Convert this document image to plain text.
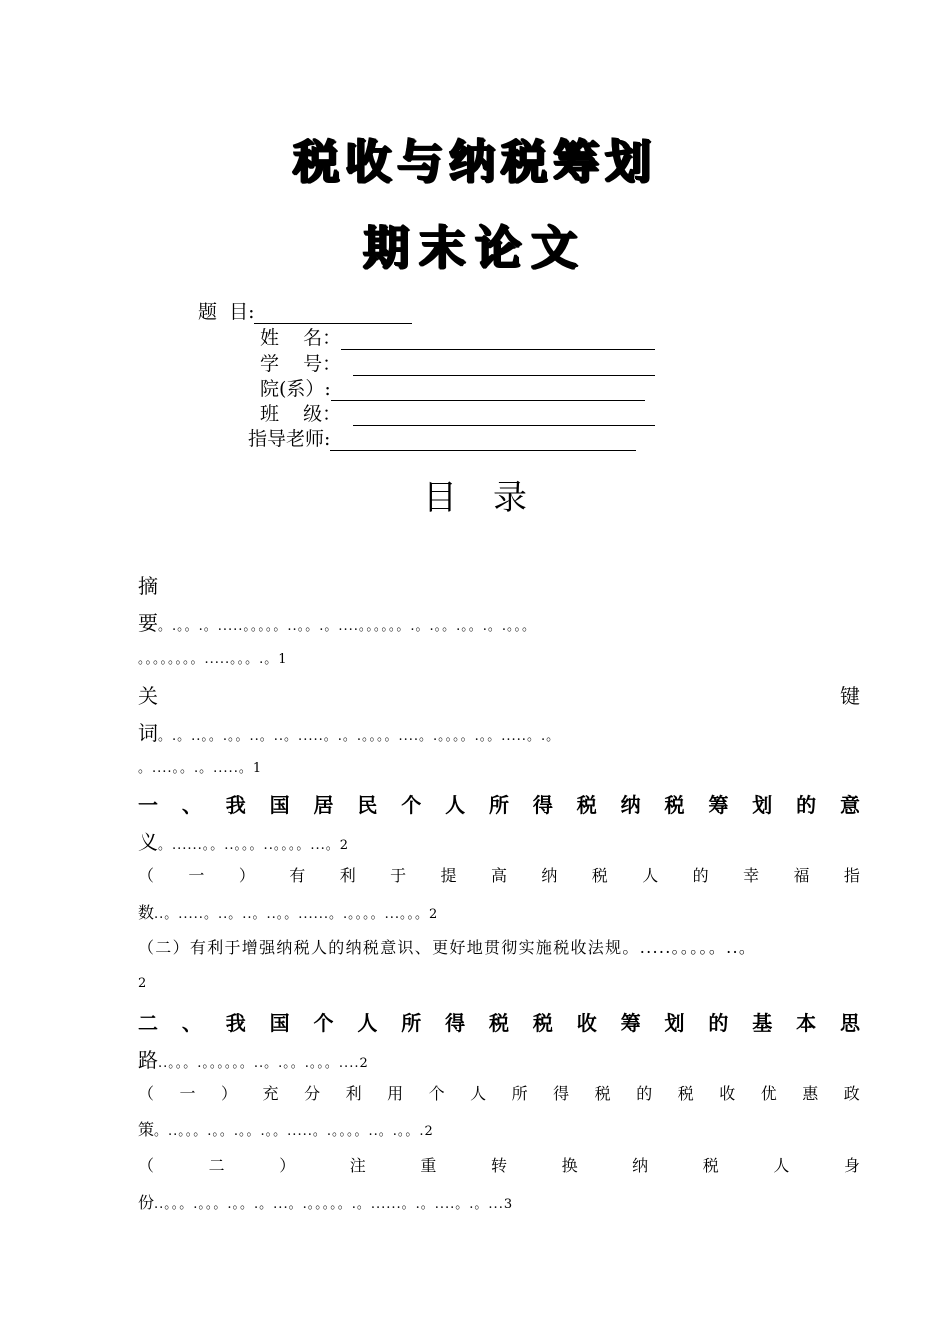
税收与纳税筹划
期末论文
题  目:
姓    名：
学    号：
院(系）:
班    级：
指导老师:
目录
摘
要。.。。.。.....。。。。。..。。.。....。。。。。。.。.。。.。。.。.。。。
。。。。。。。。.....。。。.。1
关	键
词。.。..。。.。。..。..。.....。.。.。。。。....。.。。。。.。。.....。.。
。....。。.。.....。1
一 、 我 国 居 民 个 人 所 得 税 纳 税 筹 划 的 意
义。......。。..。。。..。。。。...。2
（ 一 ） 有 利 于 提 高 纳 税 人 的 幸 福 指
数..。.....。..。..。..。。......。.。。。。...。。。2
（二）有利于增强纳税人的纳税意识、更好地贯彻实施税收法规。.....。。。。。..。
2
二 、 我 国 个 人 所 得 税 税 收 筹 划 的 基 本 思
路..。。。.。。。。。。..。.。。.。。。....2
（ 一 ） 充 分 利 用 个 人 所 得 税 的 税 收 优 惠 政
策。..。。。.。。.。。.。。.....。.。。。。..。.。。.2
（	二	）	注	重	转	换	纳	税	人	身
份..。。。.。。。.。。.。...。.。。。。。.。......。.。....。.。...3
